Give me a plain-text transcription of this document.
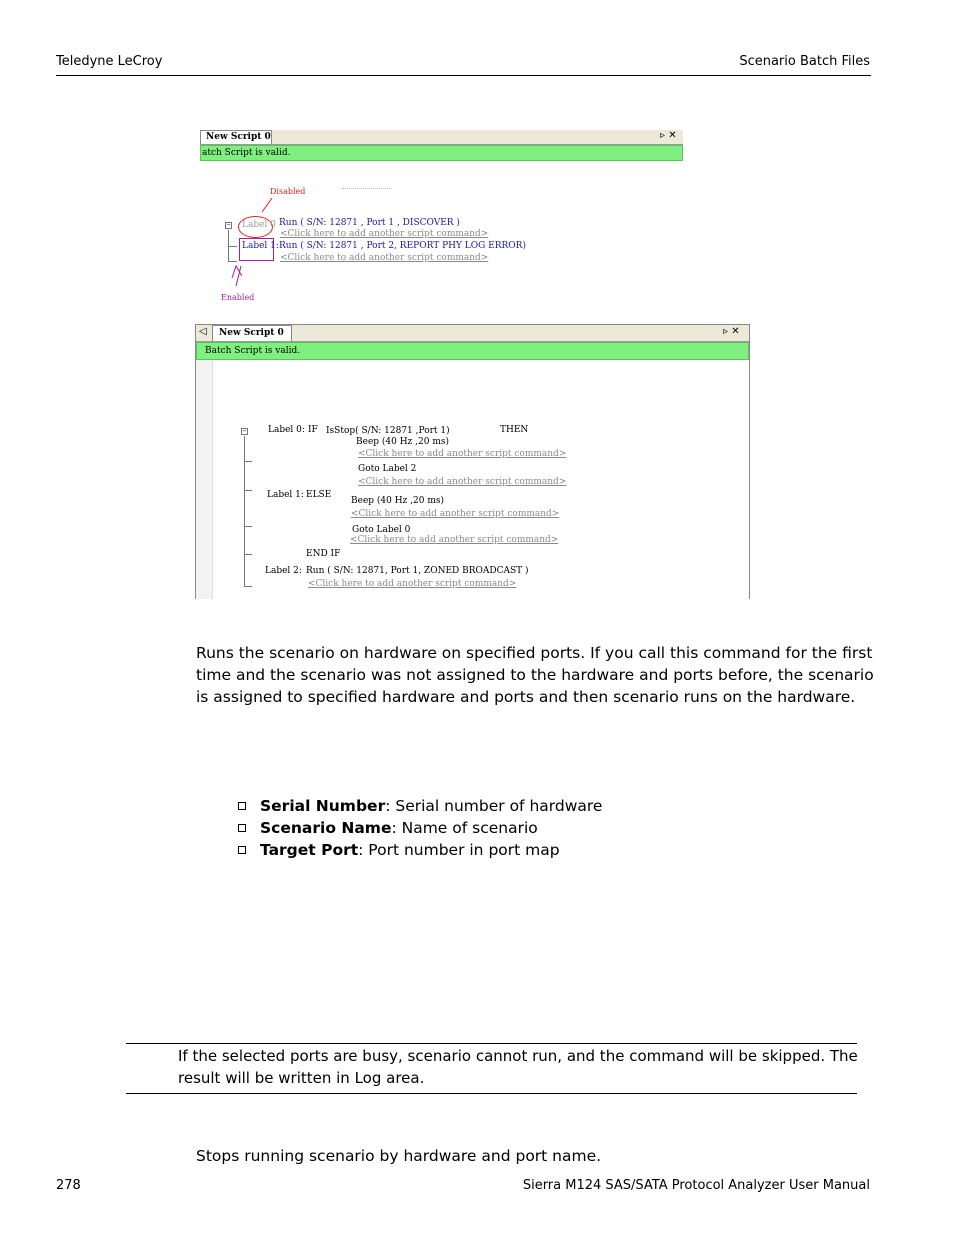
Teledyne LeCroy	Scenario Batch Files
New Script 0	▹ ✕
atch Script is valid.
Disabled
− Label 0 Run ( S/N: 12871 , Port 1 , DISCOVER )
<Click here to add another script command>
Label 1: Run ( S/N: 12871 , Port 2, REPORT PHY LOG ERROR)
<Click here to add another script command>
Enabled
◁	New Script 0	▹ ✕
Batch Script is valid.
− Label 0: IF IsStop( S/N: 12871 ,Port 1)	THEN
Beep (40 Hz ,20 ms)
<Click here to add another script command>
Goto Label 2
<Click here to add another script command>
Label 1: ELSE
Beep (40 Hz ,20 ms)
<Click here to add another script command>
Goto Label 0
<Click here to add another script command>
END IF
Label 2: Run ( S/N: 12871, Port 1, ZONED BROADCAST )
<Click here to add another script command>
Runs the scenario on hardware on specified ports. If you call this command for the first time and the scenario was not assigned to the hardware and ports before, the scenario is assigned to specified hardware and ports and then scenario runs on the hardware.
Serial Number: Serial number of hardware
Scenario Name: Name of scenario
Target Port: Port number in port map
If the selected ports are busy, scenario cannot run, and the command will be skipped. The result will be written in Log area.
Stops running scenario by hardware and port name.
278	Sierra M124 SAS/SATA Protocol Analyzer User Manual
